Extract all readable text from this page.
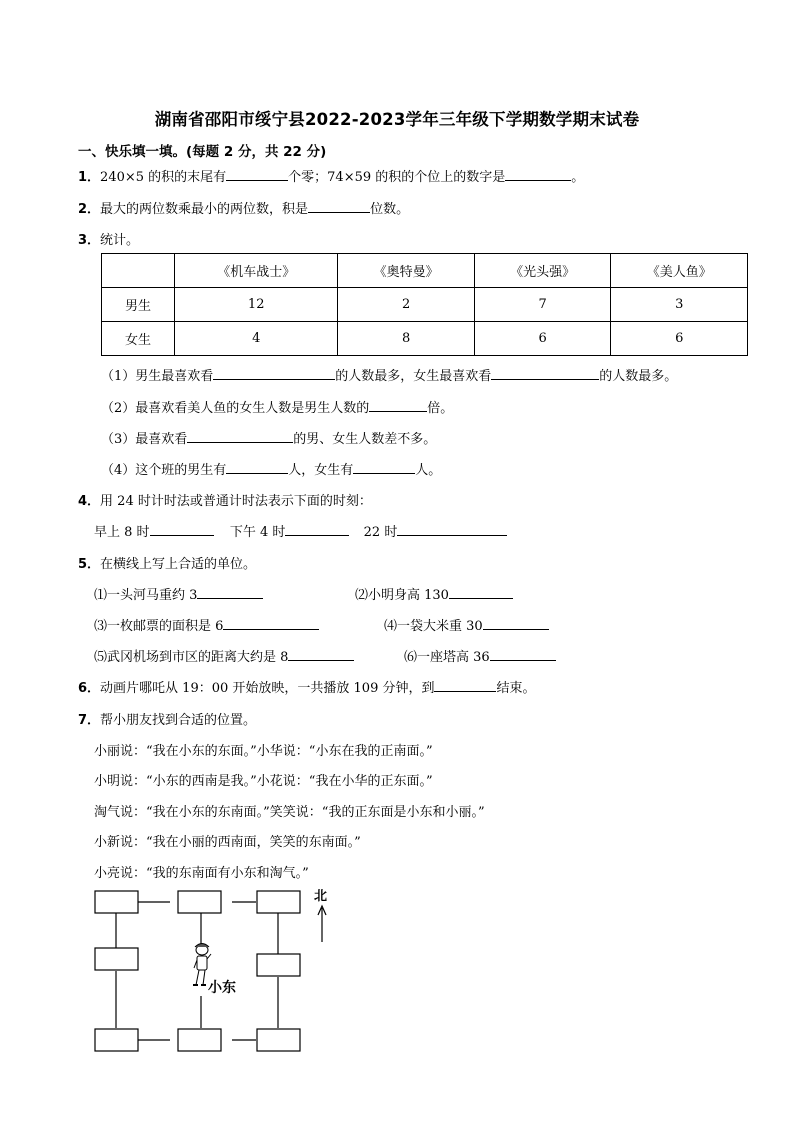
湖南省邵阳市绥宁县2022-2023学年三年级下学期数学期末试卷
一、快乐填一填。(每题 2 分，共 22 分)
1．240×5 的积的末尾有	个零；74×59 的积的个位上的数字是	。
2．最大的两位数乘最小的两位数，积是	位数。
3．统计。
	《机车战士》	《奥特曼》	《光头强》	《美人鱼》
男生	12	2	7	3
女生	4	8	6	6
（1）男生最喜欢看	的人数最多，女生最喜欢看	的人数最多。
（2）最喜欢看美人鱼的女生人数是男生人数的	倍。
（3）最喜欢看	的男、女生人数差不多。
（4）这个班的男生有	人，女生有	人。
4．用 24 时计时法或普通计时法表示下面的时刻：
早上 8 时	下午 4 时	22 时
5．在横线上写上合适的单位。
⑴一头河马重约 3	⑵小明身高 130
⑶一枚邮票的面积是 6	⑷一袋大米重 30
⑸武冈机场到市区的距离大约是 8	⑹一座塔高 36
6．动画片哪吒从 19：00 开始放映，一共播放 109 分钟，到	结束。
7．帮小朋友找到合适的位置。
小丽说：“我在小东的东面。”小华说：“小东在我的正南面。”
小明说：“小东的西南是我。”小花说：“我在小华的正东面。”
淘气说：“我在小东的东南面。”笑笑说：“我的正东面是小东和小丽。”
小新说：“我在小丽的西南面，笑笑的东南面。”
小亮说：“我的东南面有小东和淘气。”
小东
北
